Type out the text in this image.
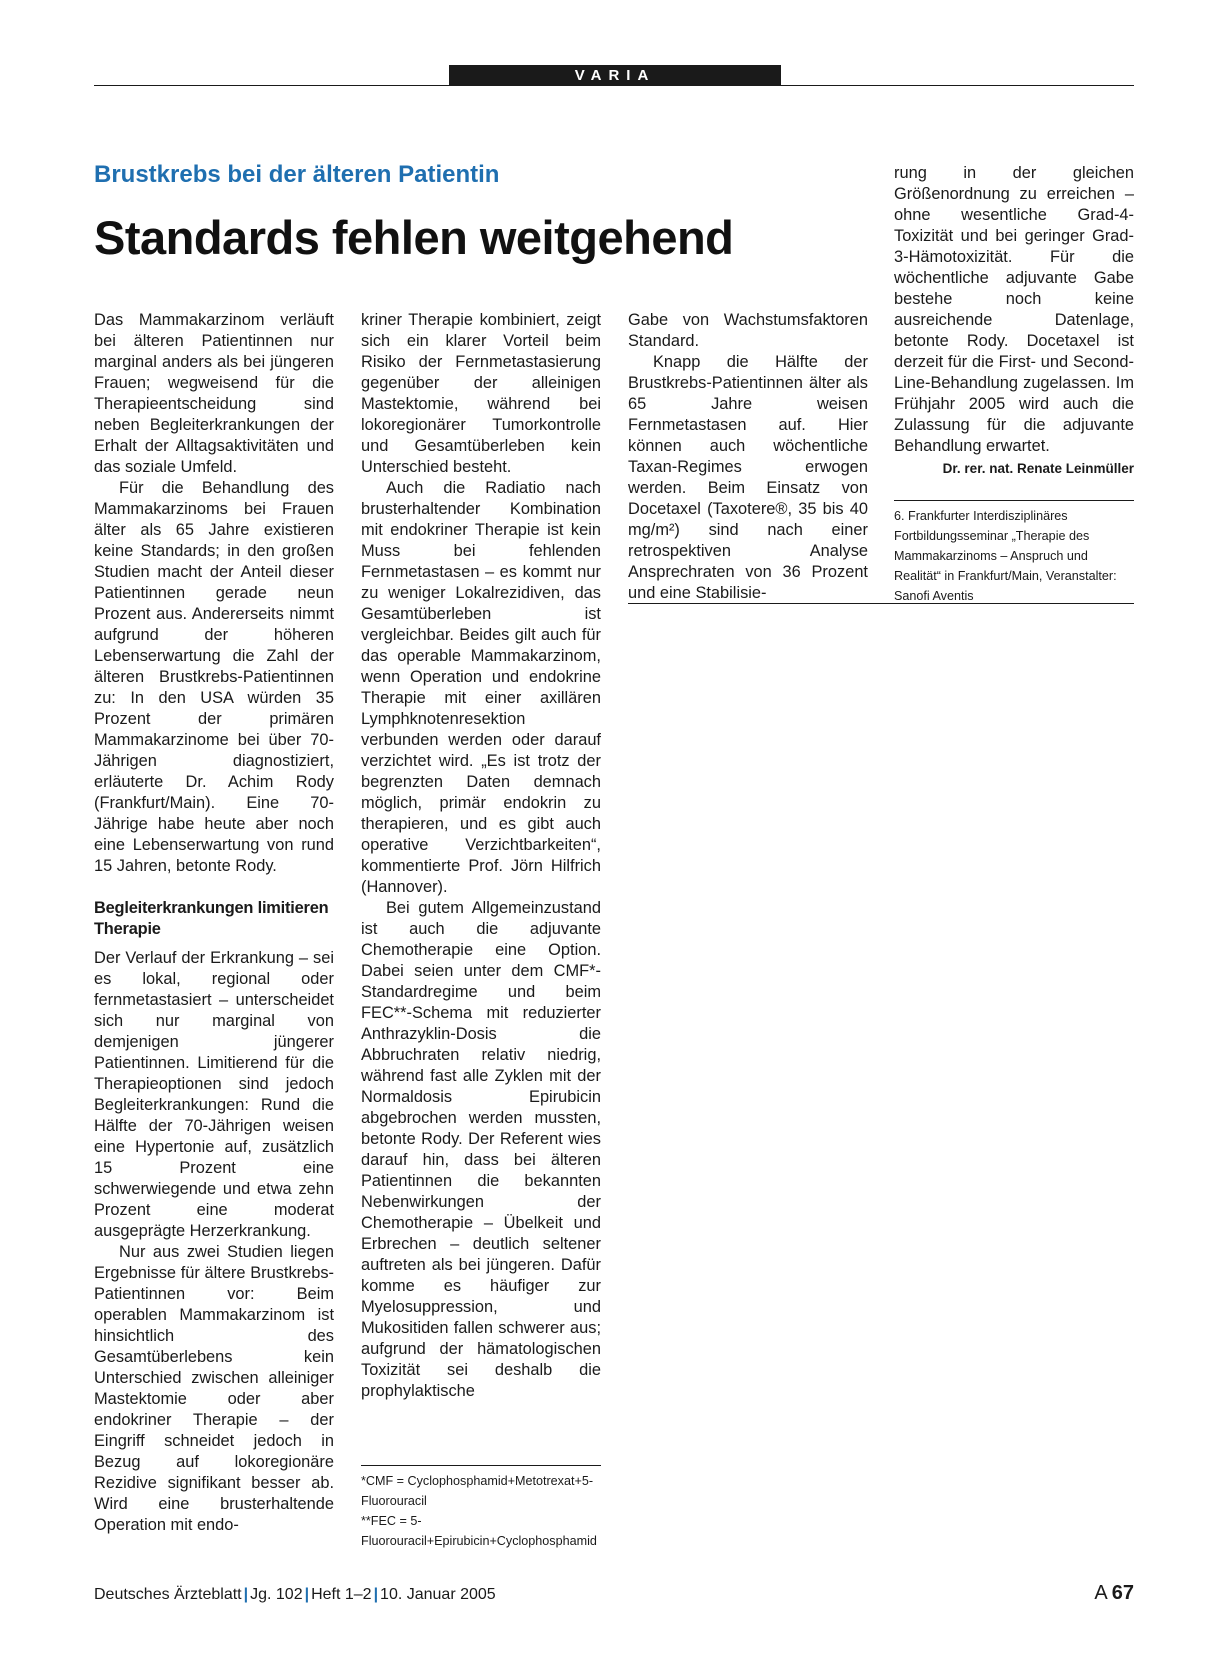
VARIA
Brustkrebs bei der älteren Patientin
Standards fehlen weitgehend

Das Mammakarzinom verläuft bei älteren Patientinnen nur marginal anders als bei jüngeren Frauen; wegweisend für die Therapieentscheidung sind neben Begleiterkrankungen der Erhalt der Alltagsaktivitäten und das soziale Umfeld.

Für die Behandlung des Mammakarzinoms bei Frauen älter als 65 Jahre existieren keine Standards; in den großen Studien macht der Anteil dieser Patientinnen gerade neun Prozent aus. Andererseits nimmt aufgrund der höheren Lebenserwartung die Zahl der älteren Brustkrebs-Patientinnen zu: In den USA würden 35 Prozent der primären Mammakarzinome bei über 70-Jährigen diagnostiziert, erläuterte Dr. Achim Rody (Frankfurt/Main). Eine 70-Jährige habe heute aber noch eine Lebenserwartung von rund 15 Jahren, betonte Rody.

Begleiterkrankungen limitieren Therapie

Der Verlauf der Erkrankung – sei es lokal, regional oder fernmetastasiert – unterscheidet sich nur marginal von demjenigen jüngerer Patientinnen. Limitierend für die Therapieoptionen sind jedoch Begleiterkrankungen: Rund die Hälfte der 70-Jährigen weisen eine Hypertonie auf, zusätzlich 15 Prozent eine schwerwiegende und etwa zehn Prozent eine moderat ausgeprägte Herzerkrankung.

Nur aus zwei Studien liegen Ergebnisse für ältere Brustkrebs-Patientinnen vor: Beim operablen Mammakarzinom ist hinsichtlich des Gesamtüberlebens kein Unterschied zwischen alleiniger Mastektomie oder aber endokriner Therapie – der Eingriff schneidet jedoch in Bezug auf lokoregionäre Rezidive signifikant besser ab. Wird eine brusterhaltende Operation mit endo-

kriner Therapie kombiniert, zeigt sich ein klarer Vorteil beim Risiko der Fernmetastasierung gegenüber der alleinigen Mastektomie, während bei lokoregionärer Tumorkontrolle und Gesamtüberleben kein Unterschied besteht.

Auch die Radiatio nach brusterhaltender Kombination mit endokriner Therapie ist kein Muss bei fehlenden Fernmetastasen – es kommt nur zu weniger Lokalrezidiven, das Gesamtüberleben ist vergleichbar. Beides gilt auch für das operable Mammakarzinom, wenn Operation und endokrine Therapie mit einer axillären Lymphknotenresektion verbunden werden oder darauf verzichtet wird. „Es ist trotz der begrenzten Daten demnach möglich, primär endokrin zu therapieren, und es gibt auch operative Verzichtbarkeiten“, kommentierte Prof. Jörn Hilfrich (Hannover).

Bei gutem Allgemeinzustand ist auch die adjuvante Chemotherapie eine Option. Dabei seien unter dem CMF*-Standardregime und beim FEC**-Schema mit reduzierter Anthrazyklin-Dosis die Abbruchraten relativ niedrig, während fast alle Zyklen mit der Normaldosis Epirubicin abgebrochen werden mussten, betonte Rody. Der Referent wies darauf hin, dass bei älteren Patientinnen die bekannten Nebenwirkungen der Chemotherapie – Übelkeit und Erbrechen – deutlich seltener auftreten als bei jüngeren. Dafür komme es häufiger zur Myelosuppression, und Mukositiden fallen schwerer aus; aufgrund der hämatologischen Toxizität sei deshalb die prophylaktische

Gabe von Wachstumsfaktoren Standard.

Knapp die Hälfte der Brustkrebs-Patientinnen älter als 65 Jahre weisen Fernmetastasen auf. Hier können auch wöchentliche Taxan-Regimes erwogen werden. Beim Einsatz von Docetaxel (Taxotere®, 35 bis 40 mg/m²) sind nach einer retrospektiven Analyse Ansprechraten von 36 Prozent und eine Stabilisie-

rung in der gleichen Größenordnung zu erreichen – ohne wesentliche Grad-4-Toxizität und bei geringer Grad-3-Hämotoxizität. Für die wöchentliche adjuvante Gabe bestehe noch keine ausreichende Datenlage, betonte Rody. Docetaxel ist derzeit für die First- und Second-Line-Behandlung zugelassen. Im Frühjahr 2005 wird auch die Zulassung für die adjuvante Behandlung erwartet.

Dr. rer. nat. Renate Leinmüller

6. Frankfurter Interdisziplinäres Fortbildungsseminar „Therapie des Mammakarzinoms – Anspruch und Realität“ in Frankfurt/Main, Veranstalter: Sanofi Aventis

*CMF = Cyclophosphamid+Metotrexat+5-Fluorouracil

**FEC = 5-Fluorouracil+Epirubicin+Cyclophosphamid

Deutsches Ärzteblatt | Jg. 102 | Heft 1–2 | 10. Januar 2005	A  67
